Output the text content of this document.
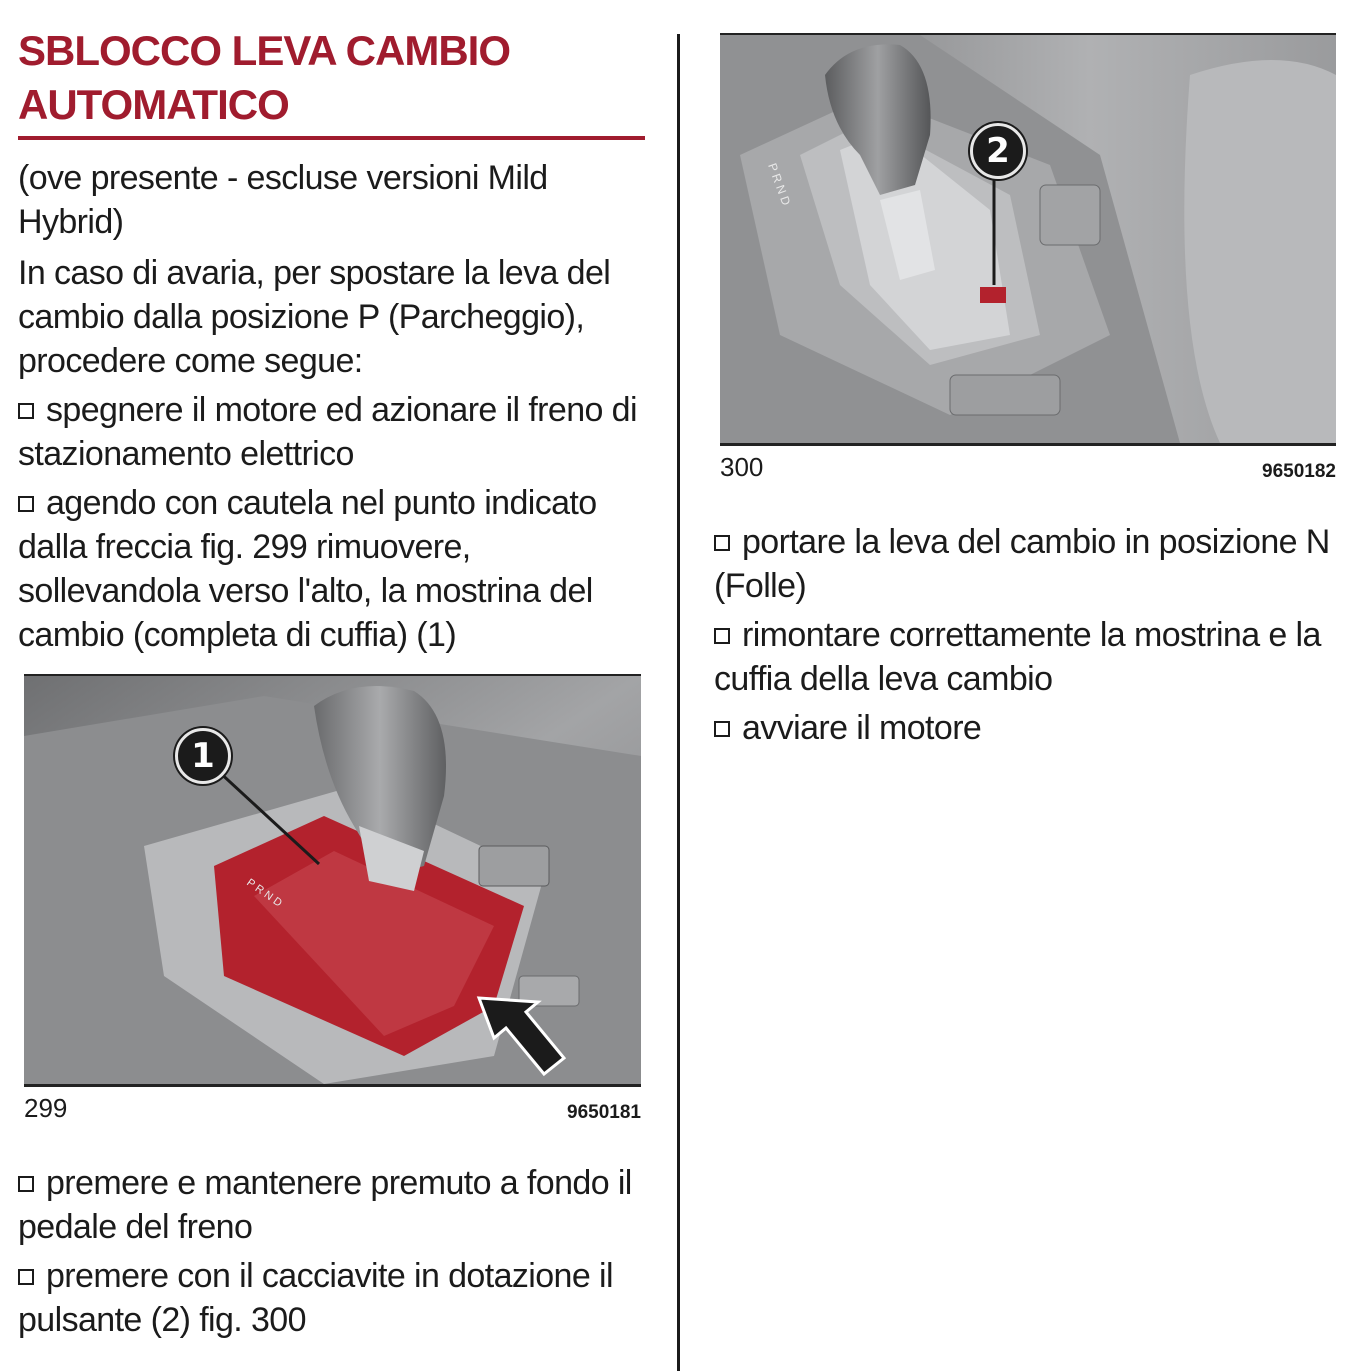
SBLOCCO LEVA CAMBIO
AUTOMATICO

(ove presente - escluse versioni Mild Hybrid)

In caso di avaria, per spostare la leva del cambio dalla posizione P (Parcheggio), procedere come segue:

spegnere il motore ed azionare il freno di stazionamento elettrico

agendo con cautela nel punto indicato dalla freccia fig. 299 rimuovere, sollevandola verso l'alto, la mostrina del cambio (completa di cuffia) (1)

P R N D
1
299	9650181

premere e mantenere premuto a fondo il pedale del freno

premere con il cacciavite in dotazione il pulsante (2) fig. 300

P R N D
2
300	9650182

portare la leva del cambio in posizione N (Folle)

rimontare correttamente la mostrina e la cuffia della leva cambio

avviare il motore
